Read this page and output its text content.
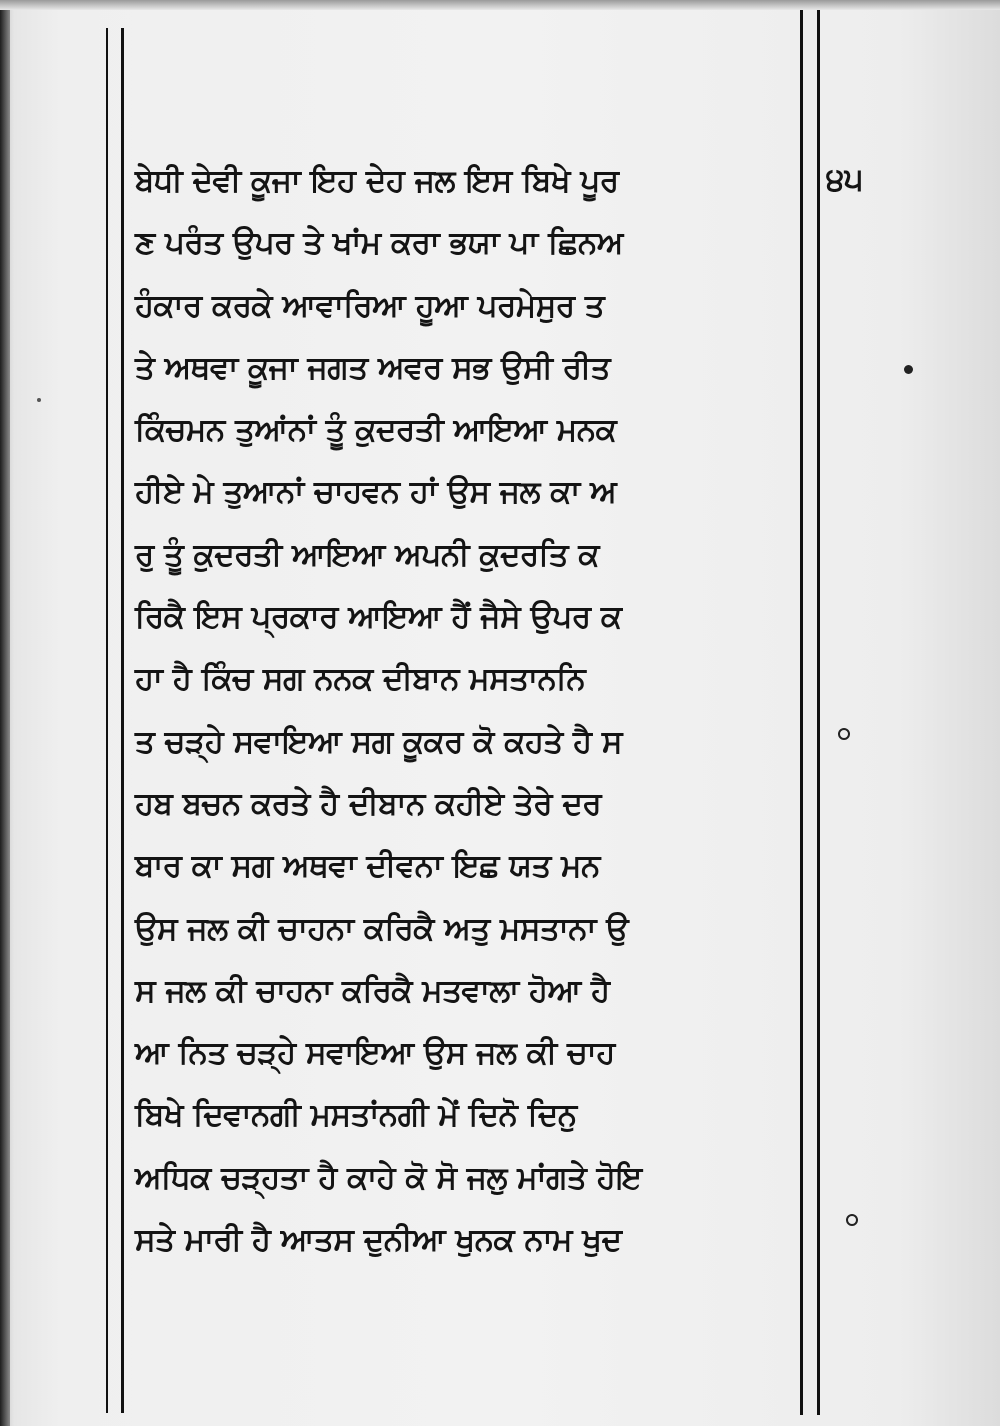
੪੫
ਬੇਧੀ ਦੇਵੀ ਕੂਜਾ ਇਹ ਦੇਹ ਜਲ ਇਸ ਬਿਖੇ ਪੂਰ
ਣ ਪਰੰਤ ਉਪਰ ਤੇ ਖਾਂਮ ਕਰਾ ਭਯਾ ਪਾ ਛਿਨਅ
ਹੰਕਾਰ ਕਰਕੇ ਆਵਾਰਿਆ ਹੂਆ ਪਰਮੇਸੁਰ ਤ
ਤੇ ਅਥਵਾ ਕੂਜਾ ਜਗਤ ਅਵਰ ਸਭ ਉਸੀ ਰੀਤ
ਕਿੰਚਮਨ ਤੁਆਂਨਾਂ ਤੂੰ ਕੁਦਰਤੀ ਆਇਆ ਮਨਕ
ਹੀਏ ਮੇ ਤੁਆਨਾਂ ਚਾਹਵਨ ਹਾਂ ਉਸ ਜਲ ਕਾ ਅ
ਰੁ ਤੂੰ ਕੁਦਰਤੀ ਆਇਆ ਅਪਨੀ ਕੁਦਰਤਿ ਕ
ਰਿਕੈ ਇਸ ਪ੍ਰਕਾਰ ਆਇਆ ਹੈਂ ਜੈਸੇ ਉਪਰ ਕ
ਹਾ ਹੈ ਕਿੰਚ ਸਗ ਨਨਕ ਦੀਬਾਨ ਮਸਤਾਨਨਿ
ਤ ਚੜ੍ਹੇ ਸਵਾਇਆ ਸਗ ਕੂਕਰ ਕੋ ਕਹਤੇ ਹੈ ਸ
ਹਬ ਬਚਨ ਕਰਤੇ ਹੈ ਦੀਬਾਨ ਕਹੀਏ ਤੇਰੇ ਦਰ
ਬਾਰ ਕਾ ਸਗ ਅਥਵਾ ਦੀਵਨਾ ਇਛ ਯਤ ਮਨ
ਉਸ ਜਲ ਕੀ ਚਾਹਨਾ ਕਰਿਕੈ ਅਤੁ ਮਸਤਾਨਾ ਉ
ਸ ਜਲ ਕੀ ਚਾਹਨਾ ਕਰਿਕੈ ਮਤਵਾਲਾ ਹੋਆ ਹੈ
ਆ ਨਿਤ ਚੜ੍ਹੇ ਸਵਾਇਆ ਉਸ ਜਲ ਕੀ ਚਾਹ
ਬਿਖੇ ਦਿਵਾਨਗੀ ਮਸਤਾਂਨਗੀ ਮੇਂ ਦਿਨੋ ਦਿਨੁ
ਅਧਿਕ ਚੜ੍ਹਤਾ ਹੈ ਕਾਹੇ ਕੋ ਸੋ ਜਲੁ ਮਾਂਗਤੇ ਹੋਇ
ਸਤੇ ਮਾਰੀ ਹੈ ਆਤਸ ਦੁਨੀਆ ਖੁਨਕ ਨਾਮ ਖੁਦ
